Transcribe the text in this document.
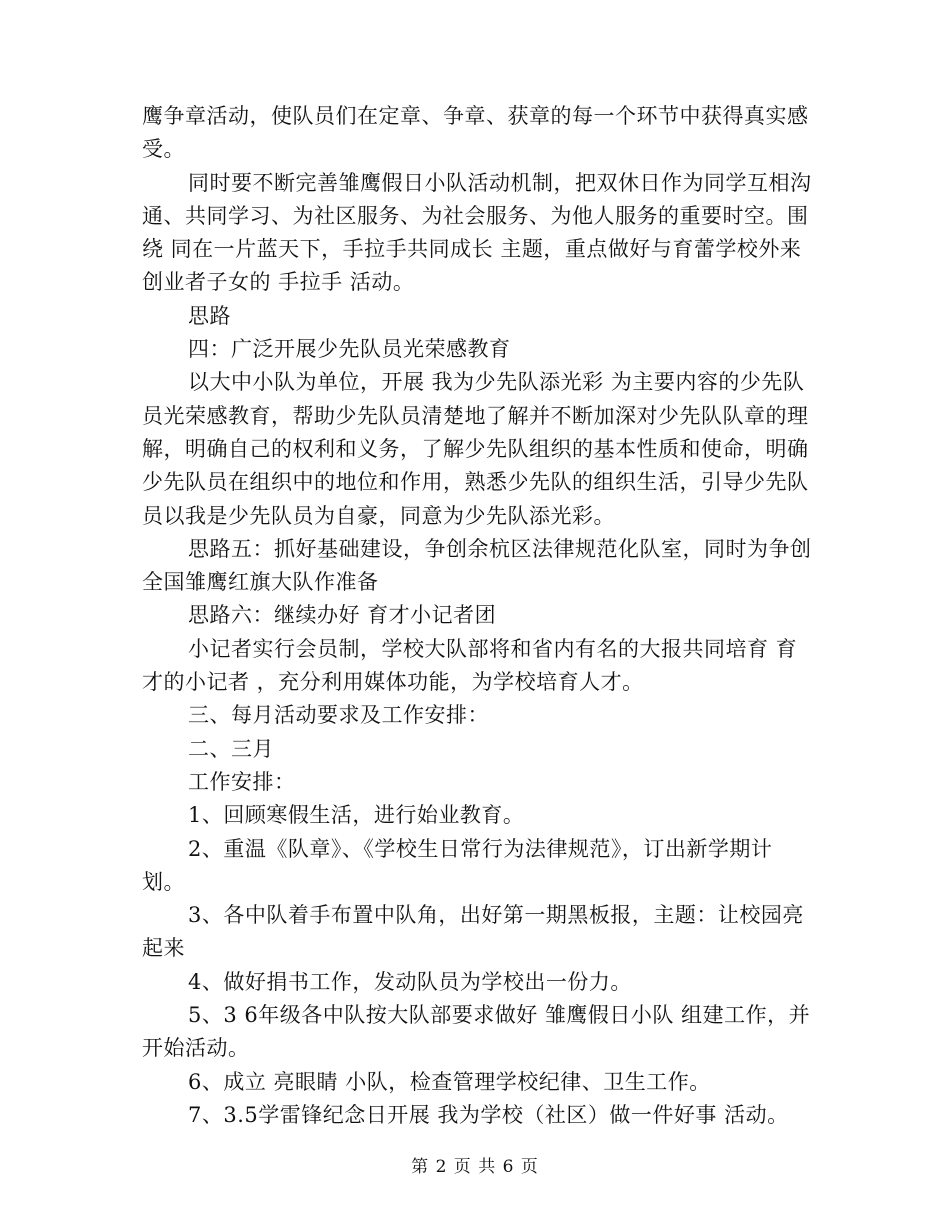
鹰争章活动，使队员们在定章、争章、获章的每一个环节中获得真实感受。

同时要不断完善雏鹰假日小队活动机制，把双休日作为同学互相沟通、共同学习、为社区服务、为社会服务、为他人服务的重要时空。围绕 同在一片蓝天下，手拉手共同成长 主题，重点做好与育蕾学校外来创业者子女的 手拉手 活动。

思路

四：广泛开展少先队员光荣感教育

以大中小队为单位，开展 我为少先队添光彩 为主要内容的少先队员光荣感教育，帮助少先队员清楚地了解并不断加深对少先队队章的理解，明确自己的权利和义务，了解少先队组织的基本性质和使命，明确少先队员在组织中的地位和作用，熟悉少先队的组织生活，引导少先队员以我是少先队员为自豪，同意为少先队添光彩。

思路五：抓好基础建设，争创余杭区法律规范化队室，同时为争创全国雏鹰红旗大队作准备

思路六：继续办好 育才小记者团

小记者实行会员制，学校大队部将和省内有名的大报共同培育 育才的小记者 ，充分利用媒体功能，为学校培育人才。

三、每月活动要求及工作安排：

二、三月

工作安排：

1、回顾寒假生活，进行始业教育。

2、重温《队章》、《学校生日常行为法律规范》，订出新学期计划。

3、各中队着手布置中队角，出好第一期黑板报，主题：让校园亮 起来

4、做好捐书工作，发动队员为学校出一份力。

5、3 6年级各中队按大队部要求做好 雏鹰假日小队 组建工作，并开始活动。

6、成立 亮眼睛 小队，检查管理学校纪律、卫生工作。

7、3.5学雷锋纪念日开展 我为学校（社区）做一件好事 活动。

第 2 页 共 6 页
